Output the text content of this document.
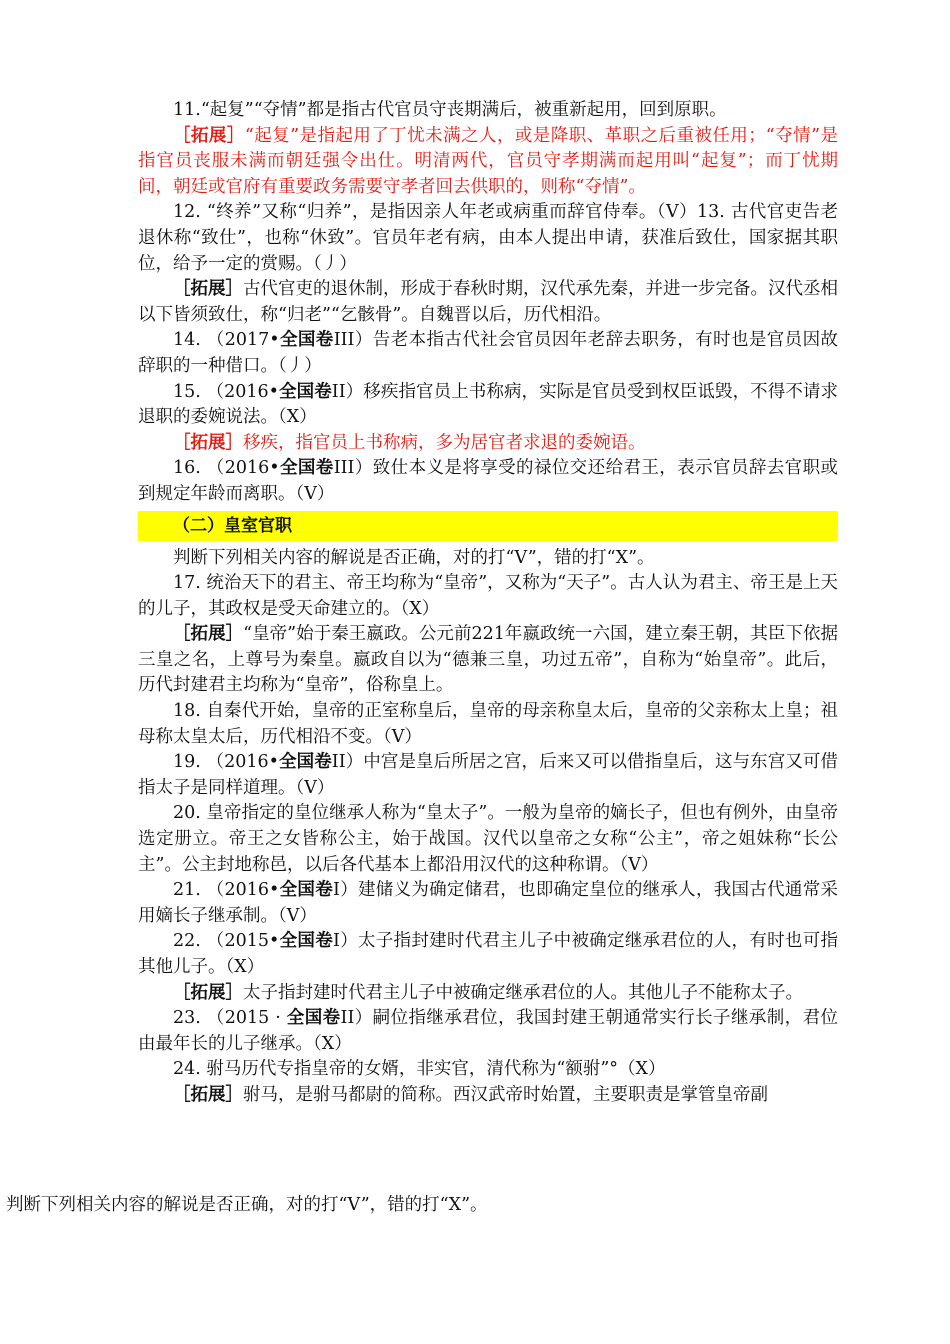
11.“起复”“夺情”都是指古代官员守丧期满后，被重新起用，回到原职。

［拓展］“起复”是指起用了丁忧未满之人，或是降职、革职之后重被任用；“夺情”是指官员丧服未满而朝廷强令出仕。明清两代，官员守孝期满而起用叫“起复”；而丁忧期间，朝廷或官府有重要政务需要守孝者回去供职的，则称“夺情”。

12. “终养”又称“归养”，是指因亲人年老或病重而辞官侍奉。（V）13. 古代官吏告老退休称“致仕”，也称“休致”。官员年老有病，由本人提出申请，获准后致仕，国家据其职位，给予一定的赏赐。（丿）

［拓展］古代官吏的退休制，形成于春秋时期，汉代承先秦，并进一步完备。汉代丞相以下皆须致仕，称“归老”“乞骸骨”。自魏晋以后，历代相沿。

14. （2017•全国卷III）告老本指古代社会官员因年老辞去职务，有时也是官员因故辞职的一种借口。（丿）

15. （2016•全国卷II）移疾指官员上书称病，实际是官员受到权臣诋毁，不得不请求退职的委婉说法。（X）

［拓展］移疾，指官员上书称病，多为居官者求退的委婉语。

16. （2016•全国卷III）致仕本义是将享受的禄位交还给君王，表示官员辞去官职或到规定年龄而离职。（V）

（二）皇室官职

判断下列相关内容的解说是否正确，对的打“V”，错的打“X”。

17. 统治天下的君主、帝王均称为“皇帝”，又称为“天子”。古人认为君主、帝王是上天的儿子，其政权是受天命建立的。（X）

［拓展］“皇帝”始于秦王嬴政。公元前221年嬴政统一六国，建立秦王朝，其臣下依据三皇之名，上尊号为秦皇。嬴政自以为“德兼三皇，功过五帝”，自称为“始皇帝”。此后，历代封建君主均称为“皇帝”，俗称皇上。

18. 自秦代开始，皇帝的正室称皇后，皇帝的母亲称皇太后，皇帝的父亲称太上皇；祖母称太皇太后，历代相沿不变。（V）

19. （2016•全国卷II）中宫是皇后所居之宫，后来又可以借指皇后，这与东宫又可借指太子是同样道理。（V）

20. 皇帝指定的皇位继承人称为“皇太子”。一般为皇帝的嫡长子，但也有例外，由皇帝选定册立。帝王之女皆称公主，始于战国。汉代以皇帝之女称“公主”，帝之姐妹称“长公主”。公主封地称邑，以后各代基本上都沿用汉代的这种称谓。（V）

21. （2016•全国卷I）建储义为确定储君，也即确定皇位的继承人，我国古代通常采用嫡长子继承制。（V）

22. （2015•全国卷I）太子指封建时代君主儿子中被确定继承君位的人，有时也可指其他儿子。（X）

［拓展］太子指封建时代君主儿子中被确定继承君位的人。其他儿子不能称太子。

23. （2015 · 全国卷II）嗣位指继承君位，我国封建王朝通常实行长子继承制，君位由最年长的儿子继承。（X）

24. 驸马历代专指皇帝的女婿，非实官，清代称为“额驸”°（X）

［拓展］驸马，是驸马都尉的简称。西汉武帝时始置，主要职责是掌管皇帝副

判断下列相关内容的解说是否正确，对的打“V”，错的打“X”。
